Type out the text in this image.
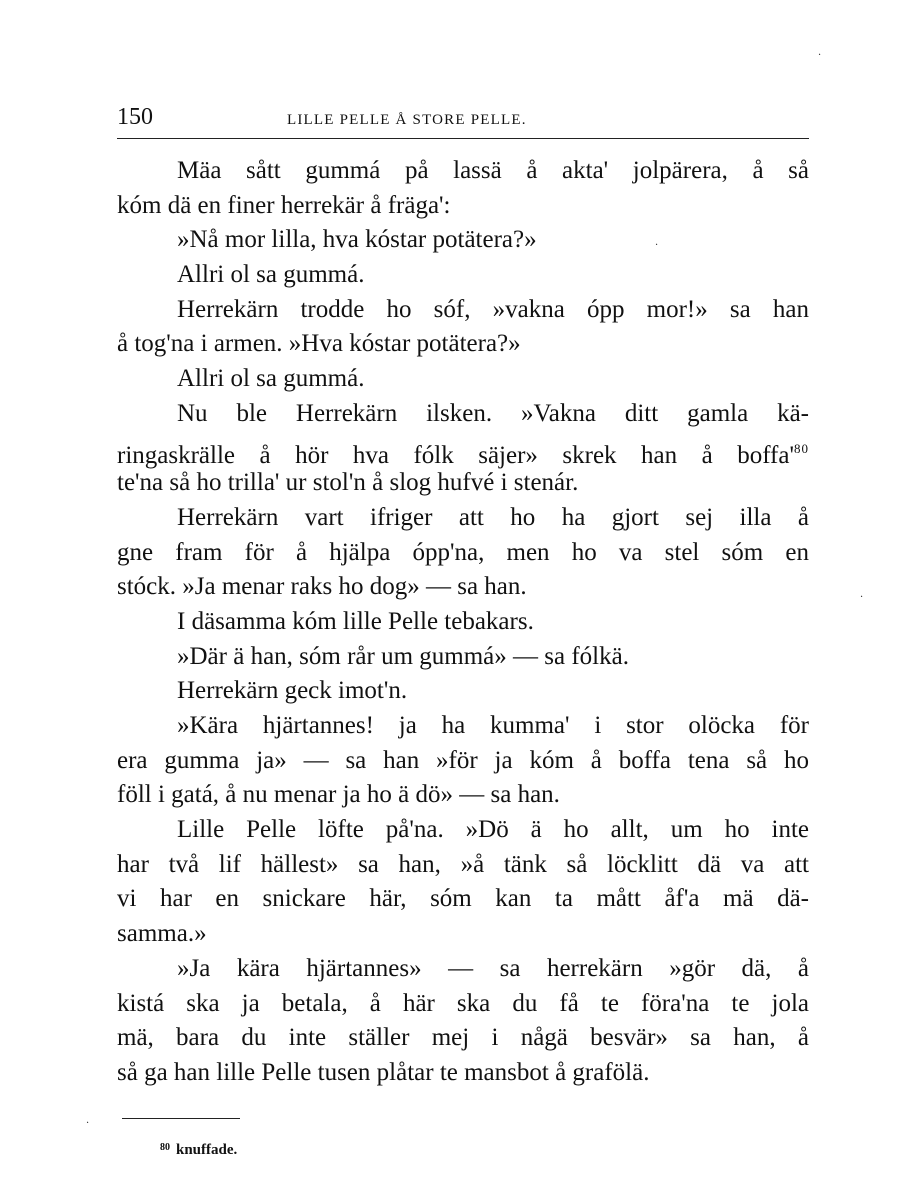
150	LILLE PELLE Å STORE PELLE.
Mäa sått gummá på lassä å akta' jolpärera, å så
kóm dä en finer herrekär å fräga':
»Nå mor lilla, hva kóstar potätera?»
Allri ol sa gummá.
Herrekärn trodde ho sóf, »vakna ópp mor!» sa han
å tog'na i armen. »Hva kóstar potätera?»
Allri ol sa gummá.
Nu ble Herrekärn ilsken. »Vakna ditt gamla kä-
ringaskrälle å hör hva fólk säjer» skrek han å boffa'$^{80}$
te'na så ho trilla' ur stol'n å slog hufvé i stenár.
Herrekärn vart ifriger att ho ha gjort sej illa å
gne fram för å hjälpa ópp'na, men ho va stel sóm en
stóck. »Ja menar raks ho dog» — sa han.
I däsamma kóm lille Pelle tebakars.
»Där ä han, sóm rår um gummá» — sa fólkä.
Herrekärn geck imot'n.
»Kära hjärtannes! ja ha kumma' i stor olöcka för
era gumma ja» — sa han »för ja kóm å boffa tena så ho
föll i gatá, å nu menar ja ho ä dö» — sa han.
Lille Pelle löfte på'na. »Dö ä ho allt, um ho inte
har två lif hällest» sa han, »å tänk så löcklitt dä va att
vi har en snickare här, sóm kan ta mått åf'a mä dä-
samma.»
»Ja kära hjärtannes» — sa herrekärn »gör dä, å
kistá ska ja betala, å här ska du få te föra'na te jola
mä, bara du inte ställer mej i någä besvär» sa han, å
så ga han lille Pelle tusen plåtar te mansbot å grafölä.
$^{80}$ knuffade.
·
·
·
·
